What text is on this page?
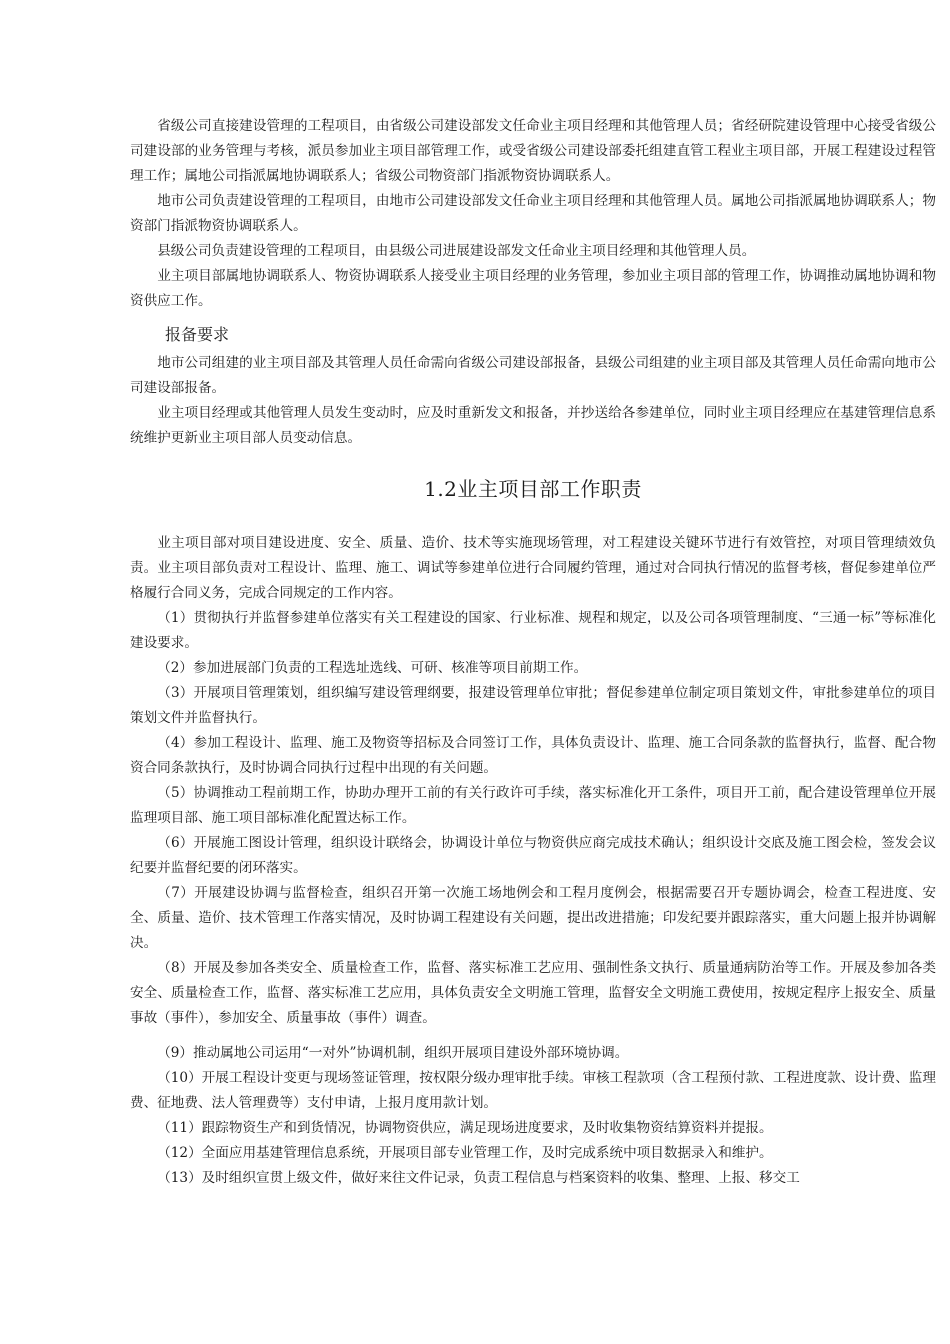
省级公司直接建设管理的工程项目，由省级公司建设部发文任命业主项目经理和其他管理人员；省经研院建设管理中心接受省级公司建设部的业务管理与考核，派员参加业主项目部管理工作，或受省级公司建设部委托组建直管工程业主项目部，开展工程建设过程管理工作；属地公司指派属地协调联系人；省级公司物资部门指派物资协调联系人。

地市公司负责建设管理的工程项目，由地市公司建设部发文任命业主项目经理和其他管理人员。属地公司指派属地协调联系人；物资部门指派物资协调联系人。

县级公司负责建设管理的工程项目，由县级公司进展建设部发文任命业主项目经理和其他管理人员。

业主项目部属地协调联系人、物资协调联系人接受业主项目经理的业务管理，参加业主项目部的管理工作，协调推动属地协调和物资供应工作。

报备要求

地市公司组建的业主项目部及其管理人员任命需向省级公司建设部报备，县级公司组建的业主项目部及其管理人员任命需向地市公司建设部报备。

业主项目经理或其他管理人员发生变动时，应及时重新发文和报备，并抄送给各参建单位，同时业主项目经理应在基建管理信息系统维护更新业主项目部人员变动信息。

1.2业主项目部工作职责

业主项目部对项目建设进度、安全、质量、造价、技术等实施现场管理，对工程建设关键环节进行有效管控，对项目管理绩效负责。业主项目部负责对工程设计、监理、施工、调试等参建单位进行合同履约管理，通过对合同执行情况的监督考核，督促参建单位严格履行合同义务，完成合同规定的工作内容。

（1）贯彻执行并监督参建单位落实有关工程建设的国家、行业标准、规程和规定，以及公司各项管理制度、“三通一标”等标准化建设要求。

（2）参加进展部门负责的工程选址选线、可研、核准等项目前期工作。

（3）开展项目管理策划，组织编写建设管理纲要，报建设管理单位审批；督促参建单位制定项目策划文件，审批参建单位的项目策划文件并监督执行。

（4）参加工程设计、监理、施工及物资等招标及合同签订工作，具体负责设计、监理、施工合同条款的监督执行，监督、配合物资合同条款执行，及时协调合同执行过程中出现的有关问题。

（5）协调推动工程前期工作，协助办理开工前的有关行政许可手续，落实标准化开工条件，项目开工前，配合建设管理单位开展监理项目部、施工项目部标准化配置达标工作。

（6）开展施工图设计管理，组织设计联络会，协调设计单位与物资供应商完成技术确认；组织设计交底及施工图会检，签发会议纪要并监督纪要的闭环落实。

（7）开展建设协调与监督检查，组织召开第一次施工场地例会和工程月度例会，根据需要召开专题协调会，检查工程进度、安全、质量、造价、技术管理工作落实情况，及时协调工程建设有关问题，提出改进措施；印发纪要并跟踪落实，重大问题上报并协调解决。

（8）开展及参加各类安全、质量检查工作，监督、落实标准工艺应用、强制性条文执行、质量通病防治等工作。开展及参加各类安全、质量检查工作，监督、落实标准工艺应用，具体负责安全文明施工管理，监督安全文明施工费使用，按规定程序上报安全、质量事故（事件），参加安全、质量事故（事件）调查。

（9）推动属地公司运用“一对外”协调机制，组织开展项目建设外部环境协调。

（10）开展工程设计变更与现场签证管理，按权限分级办理审批手续。审核工程款项（含工程预付款、工程进度款、设计费、监理费、征地费、法人管理费等）支付申请，上报月度用款计划。

（11）跟踪物资生产和到货情况，协调物资供应，满足现场进度要求，及时收集物资结算资料并提报。

（12）全面应用基建管理信息系统，开展项目部专业管理工作，及时完成系统中项目数据录入和维护。

（13）及时组织宣贯上级文件，做好来往文件记录，负责工程信息与档案资料的收集、整理、上报、移交工
